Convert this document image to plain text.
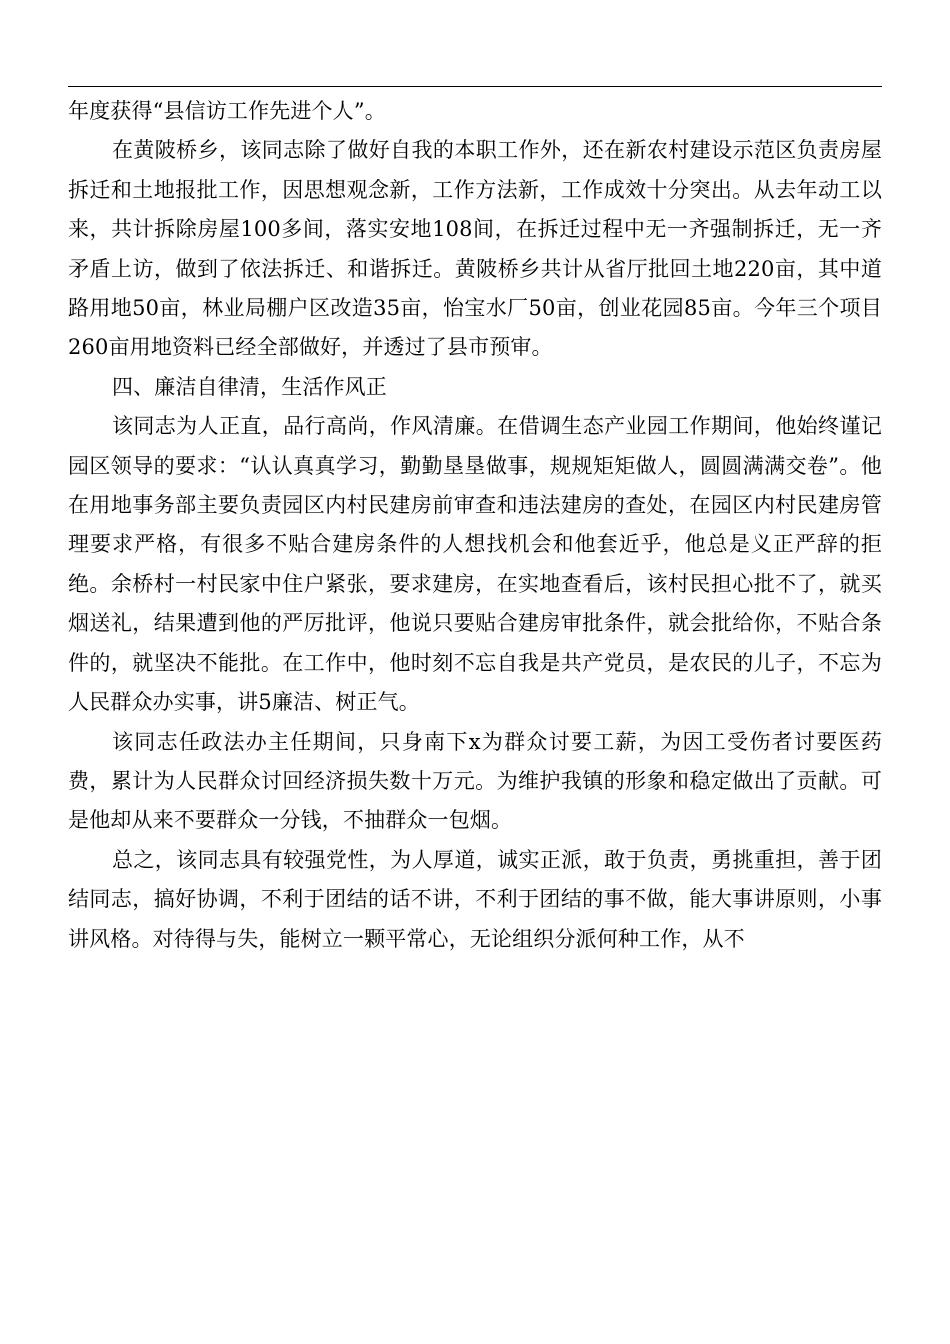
年度获得“县信访工作先进个人”。

在黄陂桥乡，该同志除了做好自我的本职工作外，还在新农村建设示范区负责房屋拆迁和土地报批工作，因思想观念新，工作方法新，工作成效十分突出。从去年动工以来，共计拆除房屋100多间，落实安地108间，在拆迁过程中无一齐强制拆迁，无一齐矛盾上访，做到了依法拆迁、和谐拆迁。黄陂桥乡共计从省厅批回土地220亩，其中道路用地50亩，林业局棚户区改造35亩，怡宝水厂50亩，创业花园85亩。今年三个项目260亩用地资料已经全部做好，并透过了县市预审。

四、廉洁自律清，生活作风正

该同志为人正直，品行高尚，作风清廉。在借调生态产业园工作期间，他始终谨记园区领导的要求：“认认真真学习，勤勤垦垦做事，规规矩矩做人，圆圆满满交卷”。他在用地事务部主要负责园区内村民建房前审查和违法建房的查处，在园区内村民建房管理要求严格，有很多不贴合建房条件的人想找机会和他套近乎，他总是义正严辞的拒绝。余桥村一村民家中住户紧张，要求建房，在实地查看后，该村民担心批不了，就买烟送礼，结果遭到他的严厉批评，他说只要贴合建房审批条件，就会批给你，不贴合条件的，就坚决不能批。在工作中，他时刻不忘自我是共产党员，是农民的儿子，不忘为人民群众办实事，讲5廉洁、树正气。

该同志任政法办主任期间，只身南下x为群众讨要工薪，为因工受伤者讨要医药费，累计为人民群众讨回经济损失数十万元。为维护我镇的形象和稳定做出了贡献。可是他却从来不要群众一分钱，不抽群众一包烟。

总之，该同志具有较强党性，为人厚道，诚实正派，敢于负责，勇挑重担，善于团结同志，搞好协调，不利于团结的话不讲，不利于团结的事不做，能大事讲原则，小事讲风格。对待得与失，能树立一颗平常心，无论组织分派何种工作，从不
